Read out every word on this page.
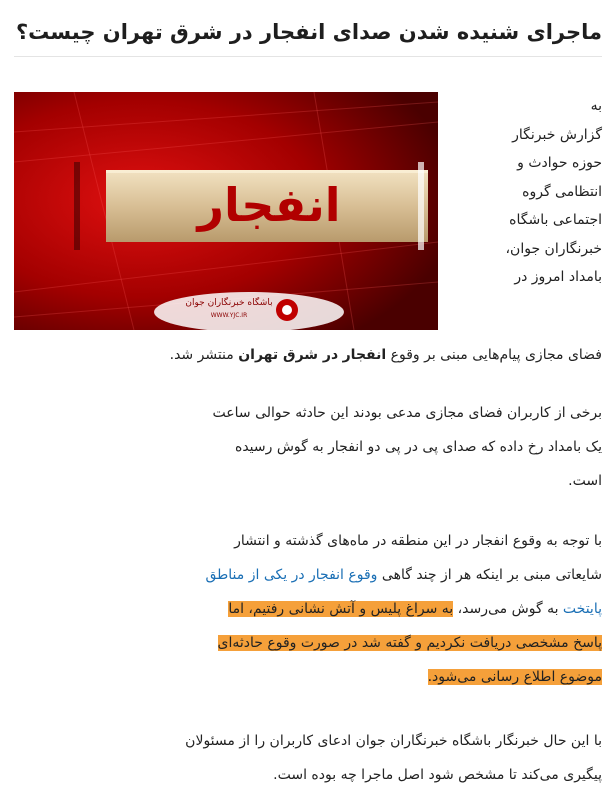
ماجرای شنیده شدن صدای انفجار در شرق تهران چیست؟
انفجار
باشگاه خبرنگاران جوان
WWW.YJC.IR
به
گزارش خبرنگار
حوزه حوادث و
انتظامی گروه
اجتماعی باشگاه
خبرنگاران جوان،
بامداد امروز در

فضای مجازی پیام‌هایی مبنی بر وقوع انفجار در شرق تهران منتشر شد.

برخی از کاربران فضای مجازی مدعی بودند این حادثه حوالی ساعت
یک بامداد رخ داده که صدای پی در پی دو انفجار به گوش رسیده
است.

با توجه به وقوع انفجار در این منطقه در ماه‌های گذشته و انتشار
شایعاتی مبنی بر اینکه هر از چند گاهی وقوع انفجار در یکی از مناطق
پایتخت به گوش می‌رسد، به سراغ پلیس و آتش نشانی رفتیم، اما
پاسخ مشخصی دریافت نکردیم و گفته شد در صورت وقوع حادثه‌ای
موضوع اطلاع رسانی می‌شود.

با این حال خبرنگار باشگاه خبرنگاران جوان ادعای کاربران را از مسئولان
پیگیری می‌کند تا مشخص شود اصل ماجرا چه بوده است.
